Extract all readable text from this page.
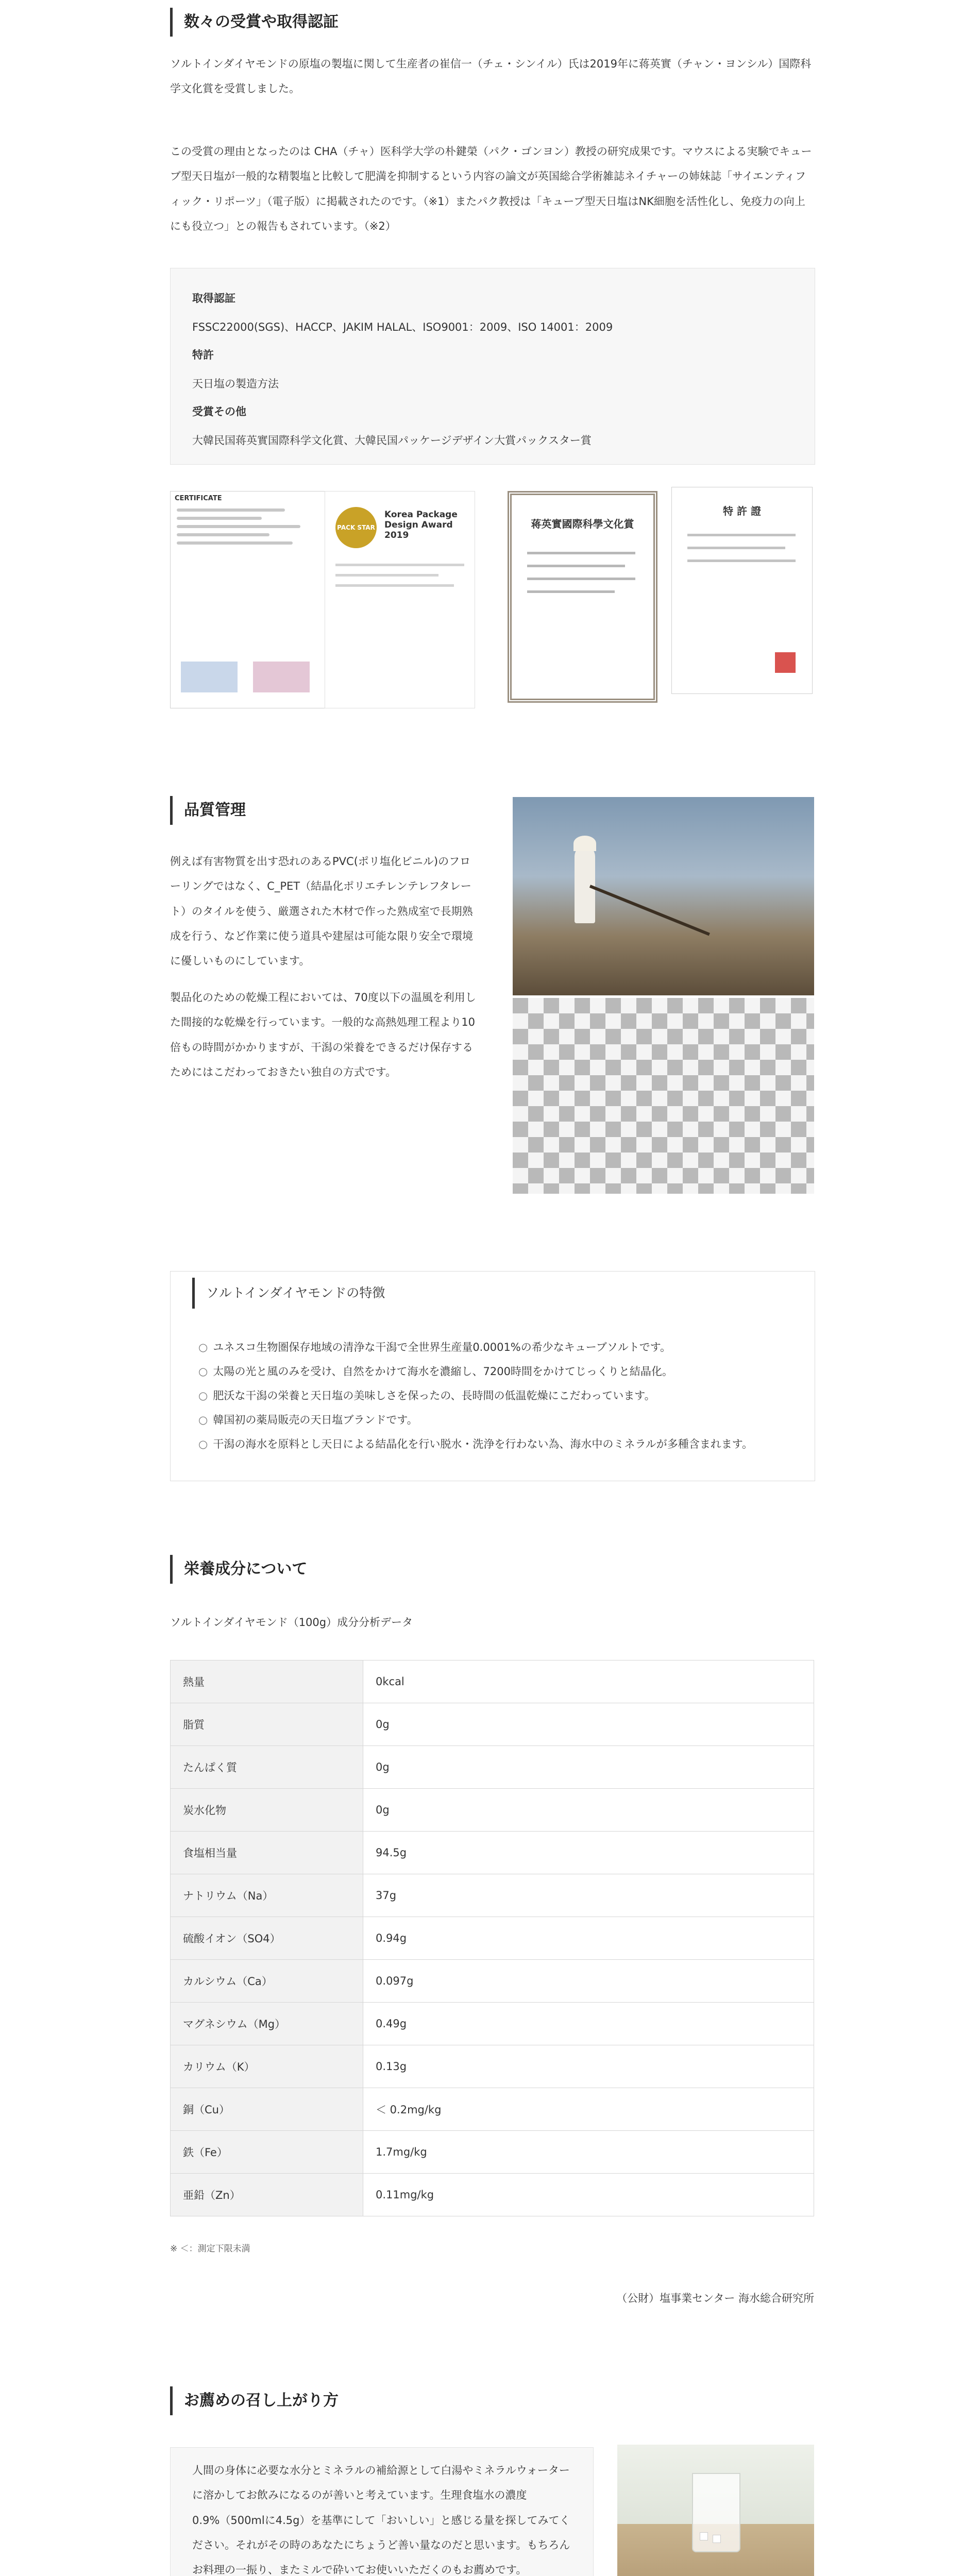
数々の受賞や取得認証
ソルトインダイヤモンドの原塩の製塩に関して生産者の崔信一（チェ・シンイル）氏は2019年に蒋英實（チャン・ヨンシル）国際科学文化賞を受賞しました。
この受賞の理由となったのは CHA（チャ）医科学大学の朴鍵榮（パク・ゴンヨン）教授の研究成果です。マウスによる実験でキューブ型天日塩が一般的な精製塩と比較して肥満を抑制するという内容の論文が英国総合学術雑誌ネイチャーの姉妹誌「サイエンティフィック・リポーツ」（電子版）に掲載されたのです。（※1）またパク教授は「キューブ型天日塩はNK細胞を活性化し、免疫力の向上にも役立つ」との報告もされています。（※2）
取得認証
FSSC22000(SGS)、HACCP、JAKIM HALAL、ISO9001：2009、ISO 14001：2009
特許
天日塩の製造方法
受賞その他
大韓民国蒋英實国際科学文化賞、大韓民国パッケージデザイン大賞パックスター賞
CERTIFICATE
PACK STAR
Korea Package Design Award 2019
蒋英實國際科學文化賞
特 許 證
品質管理
例えば有害物質を出す恐れのあるPVC(ポリ塩化ビニル)のフローリングではなく、C_PET（結晶化ポリエチレンテレフタレート）のタイルを使う、厳選された木材で作った熟成室で長期熟成を行う、など作業に使う道具や建屋は可能な限り安全で環境に優しいものにしています。
製品化のための乾燥工程においては、70度以下の温風を利用した間接的な乾燥を行っています。一般的な高熱処理工程より10倍もの時間がかかりますが、干潟の栄養をできるだけ保存するためにはこだわっておきたい独自の方式です。
ソルトインダイヤモンドの特徴
○ ユネスコ生物圏保存地域の清浄な干潟で全世界生産量0.0001%の希少なキューブソルトです。
○ 太陽の光と風のみを受け、自然をかけて海水を濃縮し、7200時間をかけてじっくりと結晶化。
○ 肥沃な干潟の栄養と天日塩の美味しさを保ったの、長時間の低温乾燥にこだわっています。
○ 韓国初の薬局販売の天日塩ブランドです。
○ 干潟の海水を原料とし天日による結晶化を行い脱水・洗浄を行わない為、海水中のミネラルが多種含まれます。
栄養成分について
ソルトインダイヤモンド（100g）成分分析データ
熱量	0kcal
脂質	0g
たんぱく質	0g
炭水化物	0g
食塩相当量	94.5g
ナトリウム（Na）	37g
硫酸イオン（SO4）	0.94g
カルシウム（Ca）	0.097g
マグネシウム（Mg）	0.49g
カリウム（K）	0.13g
銅（Cu）	＜ 0.2mg/kg
鉄（Fe）	1.7mg/kg
亜鉛（Zn）	0.11mg/kg
※ ＜：測定下限未満
（公財）塩事業センター 海水総合研究所
お薦めの召し上がり方
人間の身体に必要な水分とミネラルの補給源として白湯やミネラルウォーターに溶かしてお飲みになるのが善いと考えています。生理食塩水の濃度0.9%（500mlに4.5g）を基準にして「おいしい」と感じる量を探してみてください。それがその時のあなたにちょうど善い量なのだと思います。もちろんお料理の一振り、またミルで砕いてお使いいただくのもお薦めです。
